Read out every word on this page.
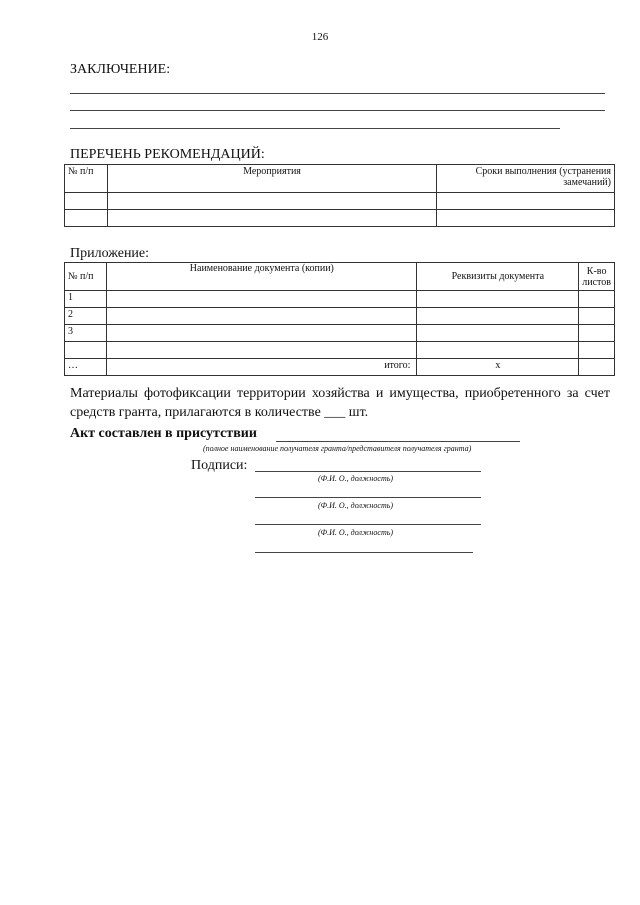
126
ЗАКЛЮЧЕНИЕ:
ПЕРЕЧЕНЬ РЕКОМЕНДАЦИЙ:
№ п/п	Мероприятия	Сроки выполнения (устранения замечаний)

Приложение:
№ п/п	Наименование документа (копии)	Реквизиты документа	К-во листов
1			
2			
3			

…	итого:	x	
Материалы фотофиксации территории хозяйства и имущества, приобретенного за счет средств гранта, прилагаются в количестве ___ шт.
Акт составлен в присутствии
(полное наименование получателя гранта/представителя получателя гранта)
Подписи:
(Ф.И. О., должность)
(Ф.И. О., должность)
(Ф.И. О., должность)
